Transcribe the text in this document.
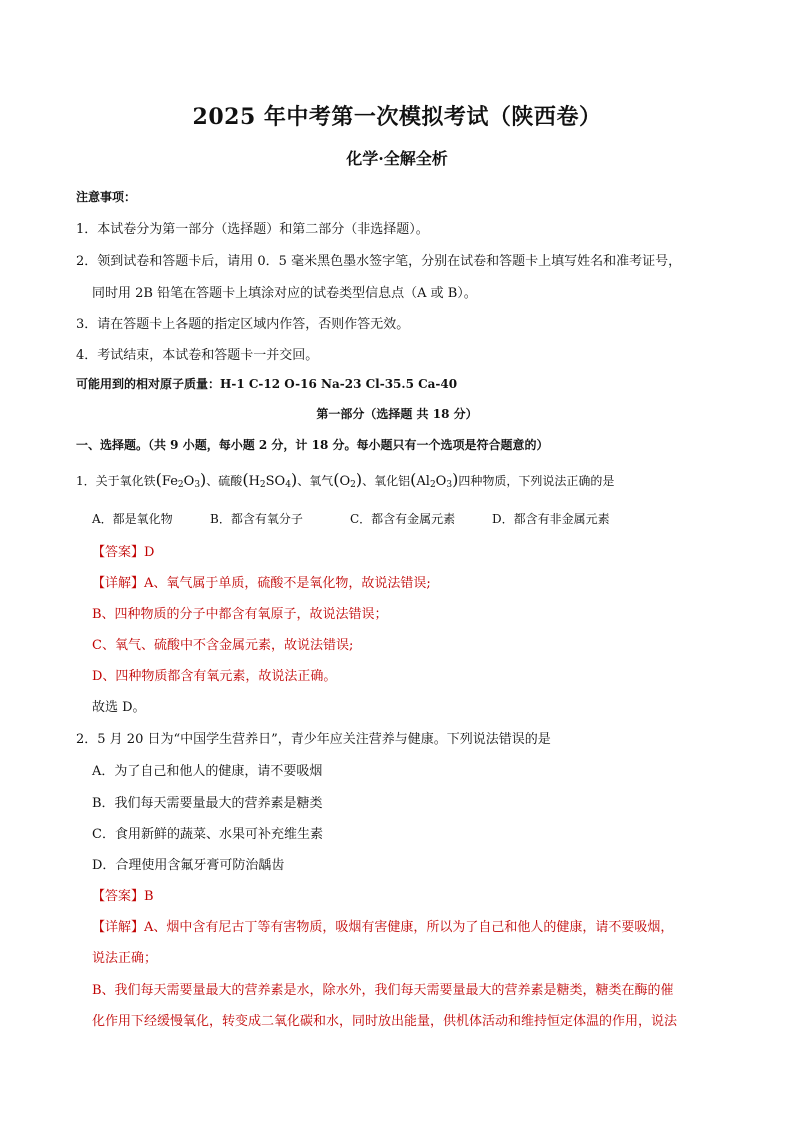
2025 年中考第一次模拟考试（陕西卷）
化学·全解全析
注意事项：
1．本试卷分为第一部分（选择题）和第二部分（非选择题）。
2．领到试卷和答题卡后，请用 0．5 毫米黑色墨水签字笔，分别在试卷和答题卡上填写姓名和准考证号，
同时用 2B 铅笔在答题卡上填涂对应的试卷类型信息点（A 或 B）。
3．请在答题卡上各题的指定区域内作答，否则作答无效。
4．考试结束，本试卷和答题卡一并交回。
可能用到的相对原子质量：H-1 C-12 O-16 Na-23 Cl-35.5 Ca-40
第一部分（选择题 共 18 分）
一、选择题。（共 9 小题，每小题 2 分，计 18 分。每小题只有一个选项是符合题意的）
1．关于氧化铁$(Fe_2O_3)$、硫酸$(H_2SO_4)$、氧气$(O_2)$、氧化铝$(Al_2O_3)$四种物质，下列说法正确的是
A．都是氧化物	B．都含有氧分子	C．都含有金属元素	D．都含有非金属元素
【答案】D
【详解】A、氧气属于单质，硫酸不是氧化物，故说法错误;
B、四种物质的分子中都含有氧原子，故说法错误；
C、氧气、硫酸中不含金属元素，故说法错误;
D、四种物质都含有氧元素，故说法正确。
故选 D。
2．5 月 20 日为“中国学生营养日”，青少年应关注营养与健康。下列说法错误的是
A．为了自己和他人的健康，请不要吸烟
B．我们每天需要量最大的营养素是糖类
C．食用新鲜的蔬菜、水果可补充维生素
D．合理使用含氟牙膏可防治龋齿
【答案】B
【详解】A、烟中含有尼古丁等有害物质，吸烟有害健康，所以为了自己和他人的健康，请不要吸烟，
说法正确；
B、我们每天需要量最大的营养素是水，除水外，我们每天需要量最大的营养素是糖类，糖类在酶的催
化作用下经缓慢氧化，转变成二氧化碳和水，同时放出能量，供机体活动和维持恒定体温的作用，说法
